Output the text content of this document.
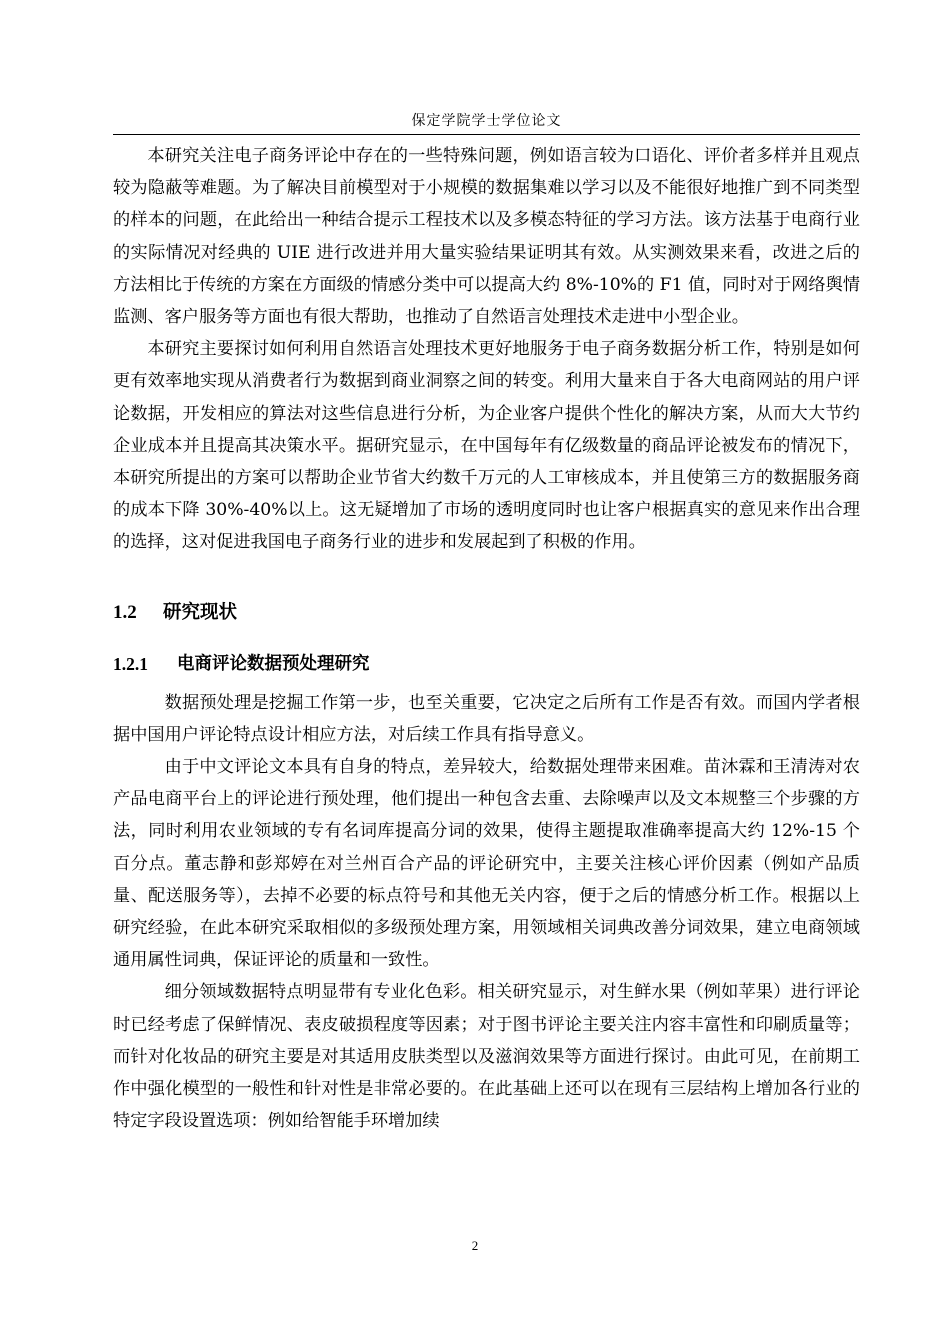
保定学院学士学位论文

本研究关注电子商务评论中存在的一些特殊问题，例如语言较为口语化、评价者多样并且观点较为隐蔽等难题。为了解决目前模型对于小规模的数据集难以学习以及不能很好地推广到不同类型的样本的问题，在此给出一种结合提示工程技术以及多模态特征的学习方法。该方法基于电商行业的实际情况对经典的 UIE 进行改进并用大量实验结果证明其有效。从实测效果来看，改进之后的方法相比于传统的方案在方面级的情感分类中可以提高大约 8%-10%的 F1 值，同时对于网络舆情监测、客户服务等方面也有很大帮助，也推动了自然语言处理技术走进中小型企业。

本研究主要探讨如何利用自然语言处理技术更好地服务于电子商务数据分析工作，特别是如何更有效率地实现从消费者行为数据到商业洞察之间的转变。利用大量来自于各大电商网站的用户评论数据，开发相应的算法对这些信息进行分析，为企业客户提供个性化的解决方案，从而大大节约企业成本并且提高其决策水平。据研究显示，在中国每年有亿级数量的商品评论被发布的情况下，本研究所提出的方案可以帮助企业节省大约数千万元的人工审核成本，并且使第三方的数据服务商的成本下降 30%-40%以上。这无疑增加了市场的透明度同时也让客户根据真实的意见来作出合理的选择，这对促进我国电子商务行业的进步和发展起到了积极的作用。

1.2	研究现状
1.2.1	电商评论数据预处理研究

数据预处理是挖掘工作第一步，也至关重要，它决定之后所有工作是否有效。而国内学者根据中国用户评论特点设计相应方法，对后续工作具有指导意义。

由于中文评论文本具有自身的特点，差异较大，给数据处理带来困难。苗沐霖和王清涛对农产品电商平台上的评论进行预处理，他们提出一种包含去重、去除噪声以及文本规整三个步骤的方法，同时利用农业领域的专有名词库提高分词的效果，使得主题提取准确率提高大约 12%-15 个百分点。董志静和彭郑婷在对兰州百合产品的评论研究中，主要关注核心评价因素（例如产品质量、配送服务等），去掉不必要的标点符号和其他无关内容，便于之后的情感分析工作。根据以上研究经验，在此本研究采取相似的多级预处理方案，用领域相关词典改善分词效果，建立电商领域通用属性词典，保证评论的质量和一致性。

细分领域数据特点明显带有专业化色彩。相关研究显示，对生鲜水果（例如苹果）进行评论时已经考虑了保鲜情况、表皮破损程度等因素；对于图书评论主要关注内容丰富性和印刷质量等；而针对化妆品的研究主要是对其适用皮肤类型以及滋润效果等方面进行探讨。由此可见，在前期工作中强化模型的一般性和针对性是非常必要的。在此基础上还可以在现有三层结构上增加各行业的特定字段设置选项：例如给智能手环增加续

2
